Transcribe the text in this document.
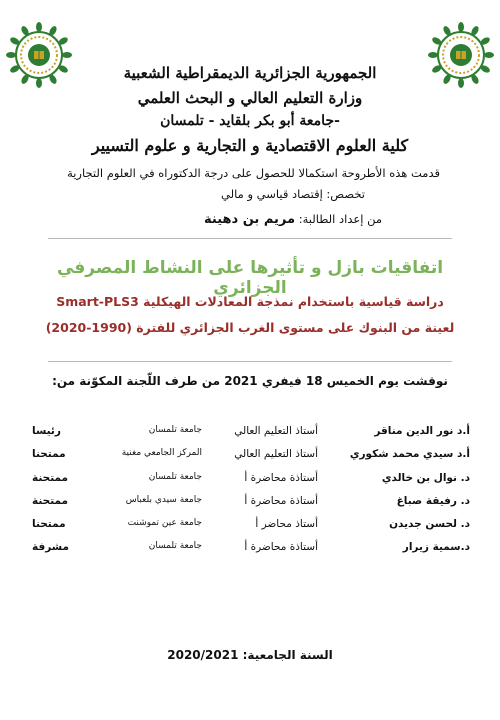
الجمهورية الجزائرية الديمقراطية الشعبية
وزارة التعليم العالي و البحث العلمي
-جامعة أبو بكر بلقايد - تلمسان
كلية العلوم الاقتصادية و التجارية و علوم التسيير
قدمت هذه الأطروحة استكمالا للحصول على درجة الدكتوراه في العلوم التجارية
تخصص: إقتصاد قياسي و مالي
من إعداد الطالبة: مريم بن دهينة
اتفاقيات بازل و تأثيرها على النشاط المصرفي الجزائري
دراسة قياسية باستخدام نمذجة المعادلات الهيكلية Smart-PLS3
لعينة من البنوك على مستوى الغرب الجزائري للفترة (1990-2020)
نوقشت يوم الخميس 18 فيفري 2021 من طرف اللّجنة المكوّنة من:
أ.د نور الدين مناقر
أستاذ التعليم العالي
جامعة تلمسان
رئيسا
أ.د سيدي محمد شكوري
أستاذ التعليم العالي
المركز الجامعي مغنية
ممتحنا
د. نوال بن خالدي
أستاذة محاضرة أ
جامعة تلمسان
ممتحنة
د. رفيقة صباغ
أستاذة محاضرة أ
جامعة سيدي بلعباس
ممتحنة
د. لحسن جديدن
أستاذ محاضر أ
جامعة عين تموشنت
ممتحنا
د.سمية زيرار
أستاذة محاضرة أ
جامعة تلمسان
مشرفة
السنة الجامعية: 2020/2021
